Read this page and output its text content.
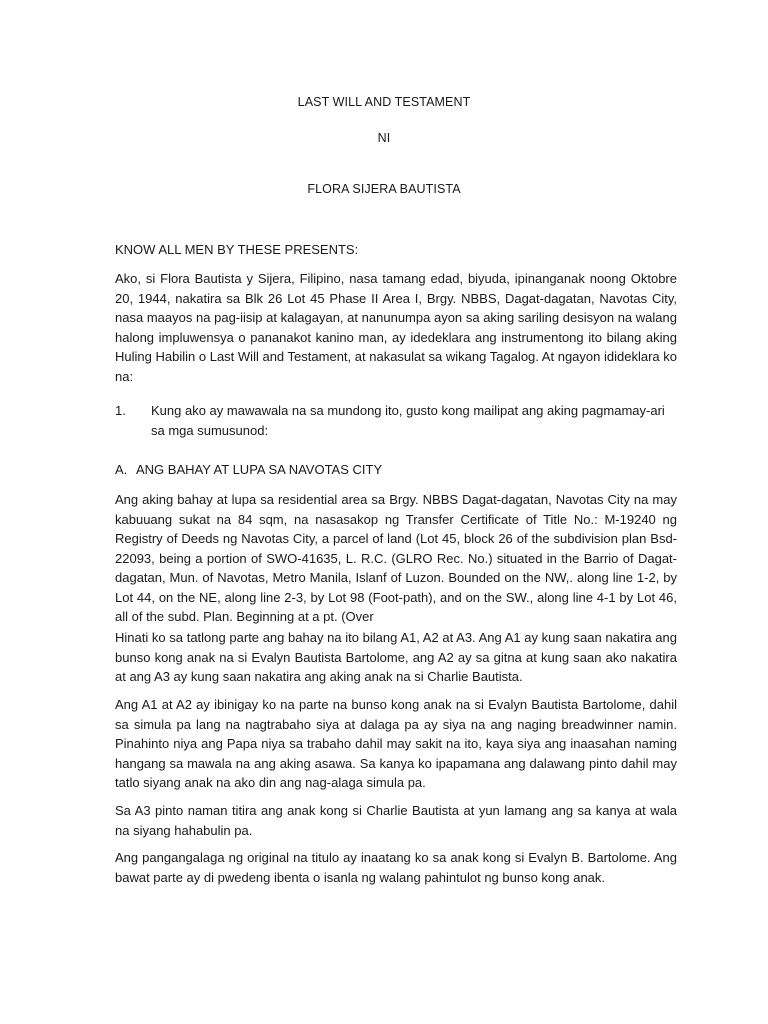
LAST WILL AND TESTAMENT
NI
FLORA SIJERA BAUTISTA
KNOW ALL MEN BY THESE PRESENTS:
Ako, si Flora Bautista y Sijera, Filipino, nasa tamang edad, biyuda, ipinanganak noong Oktobre 20, 1944, nakatira sa Blk 26 Lot 45 Phase II Area I, Brgy. NBBS, Dagat-dagatan, Navotas City, nasa maayos na pag-iisip at kalagayan, at nanunumpa ayon sa aking sariling desisyon na walang halong impluwensya o pananakot kanino man, ay idedeklara ang instrumentong ito bilang aking Huling Habilin o Last Will and Testament, at nakasulat sa wikang Tagalog. At ngayon idideklara ko na:
1. Kung ako ay mawawala na sa mundong ito, gusto kong mailipat ang aking pagmamay-ari sa mga sumusunod:
A. ANG BAHAY AT LUPA SA NAVOTAS CITY
Ang aking bahay at lupa sa residential area sa Brgy. NBBS Dagat-dagatan, Navotas City na may kabuuang sukat na 84 sqm, na nasasakop ng Transfer Certificate of Title No.: M-19240 ng Registry of Deeds ng Navotas City, a parcel of land (Lot 45, block 26 of the subdivision plan Bsd-22093, being a portion of SWO-41635, L. R.C. (GLRO Rec. No.) situated in the Barrio of Dagat-dagatan, Mun. of Navotas, Metro Manila, Islanf of Luzon. Bounded on the NW,. along line 1-2, by Lot 44, on the NE, along line 2-3, by Lot 98 (Foot-path), and on the SW., along line 4-1 by Lot 46, all of the subd. Plan. Beginning at a pt. (Over
Hinati ko sa tatlong parte ang bahay na ito bilang A1, A2 at A3. Ang A1 ay kung saan nakatira ang bunso kong anak na si Evalyn Bautista Bartolome, ang A2 ay sa gitna at kung saan ako nakatira at ang A3 ay kung saan nakatira ang aking anak na si Charlie Bautista.
Ang A1 at A2 ay ibinigay ko na parte na bunso kong anak na si Evalyn Bautista Bartolome, dahil sa simula pa lang na nagtrabaho siya at dalaga pa ay siya na ang naging breadwinner namin. Pinahinto niya ang Papa niya sa trabaho dahil may sakit na ito, kaya siya ang inaasahan naming hangang sa mawala na ang aking asawa. Sa kanya ko ipapamana ang dalawang pinto dahil may tatlo siyang anak na ako din ang nag-alaga simula pa.
Sa A3 pinto naman titira ang anak kong si Charlie Bautista at yun lamang ang sa kanya at wala na siyang hahabulin pa.
Ang pangangalaga ng original na titulo ay inaatang ko sa anak kong si Evalyn B. Bartolome. Ang bawat parte ay di pwedeng ibenta o isanla ng walang pahintulot ng bunso kong anak.
